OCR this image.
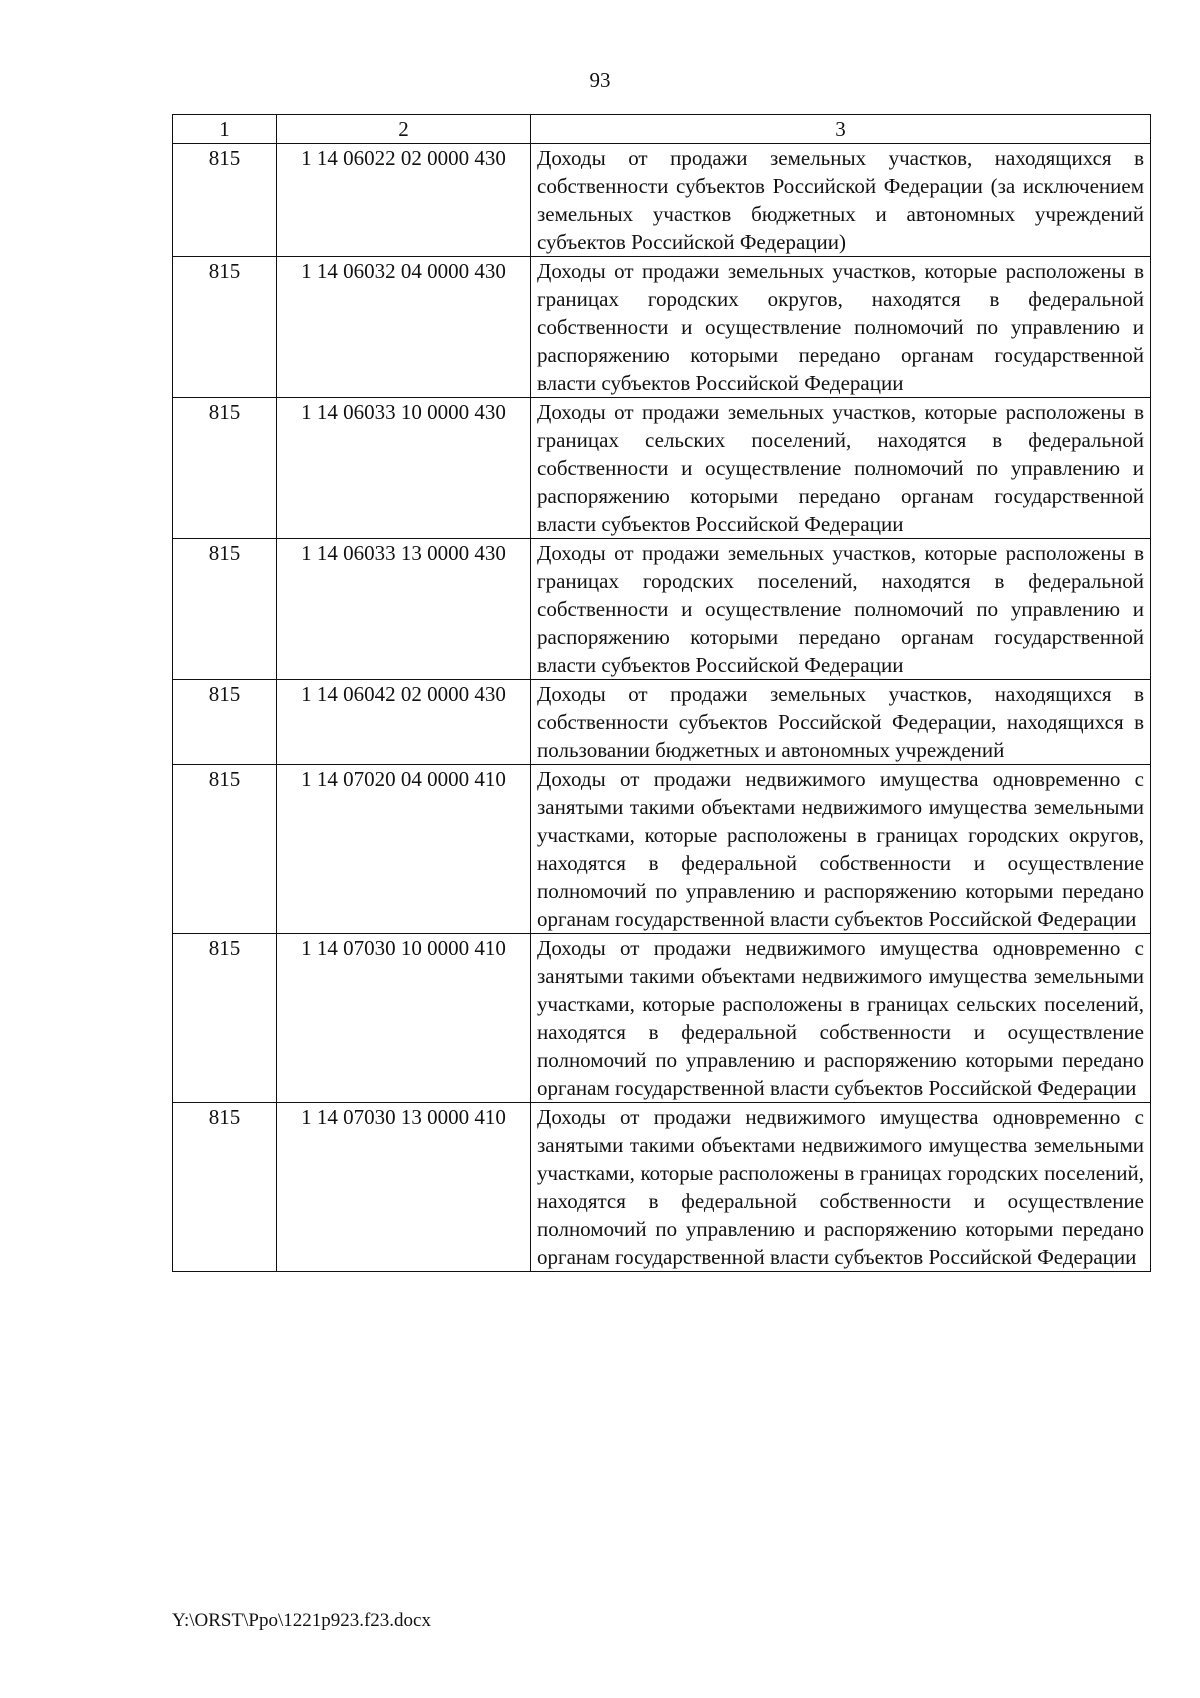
93
1	2	3
815	1 14 06022 02 0000 430	Доходы от продажи земельных участков, находящихся в собственности субъектов Российской Федерации (за исключением земельных участков бюджетных и автономных учреждений субъектов Российской Федерации)
815	1 14 06032 04 0000 430	Доходы от продажи земельных участков, которые расположены в границах городских округов, находятся в федеральной собственности и осуществление полномочий по управлению и распоряжению которыми передано органам государственной власти субъектов Российской Федерации
815	1 14 06033 10 0000 430	Доходы от продажи земельных участков, которые расположены в границах сельских поселений, находятся в федеральной собственности и осуществление полномочий по управлению и распоряжению которыми передано органам государственной власти субъектов Российской Федерации
815	1 14 06033 13 0000 430	Доходы от продажи земельных участков, которые расположены в границах городских поселений, находятся в федеральной собственности и осуществление полномочий по управлению и распоряжению которыми передано органам государственной власти субъектов Российской Федерации
815	1 14 06042 02 0000 430	Доходы от продажи земельных участков, находящихся в собственности субъектов Российской Федерации, находящихся в пользовании бюджетных и автономных учреждений
815	1 14 07020 04 0000 410	Доходы от продажи недвижимого имущества одновременно с занятыми такими объектами недвижимого имущества земельными участками, которые расположены в границах городских округов, находятся в федеральной собственности и осуществление полномочий по управлению и распоряжению которыми передано органам государственной власти субъектов Российской Федерации
815	1 14 07030 10 0000 410	Доходы от продажи недвижимого имущества одновременно с занятыми такими объектами недвижимого имущества земельными участками, которые расположены в границах сельских поселений, находятся в федеральной собственности и осуществление полномочий по управлению и распоряжению которыми передано органам государственной власти субъектов Российской Федерации
815	1 14 07030 13 0000 410	Доходы от продажи недвижимого имущества одновременно с занятыми такими объектами недвижимого имущества земельными участками, которые расположены в границах городских поселений, находятся в федеральной собственности и осуществление полномочий по управлению и распоряжению которыми передано органам государственной власти субъектов Российской Федерации
Y:\ORST\Ppo\1221p923.f23.docx
